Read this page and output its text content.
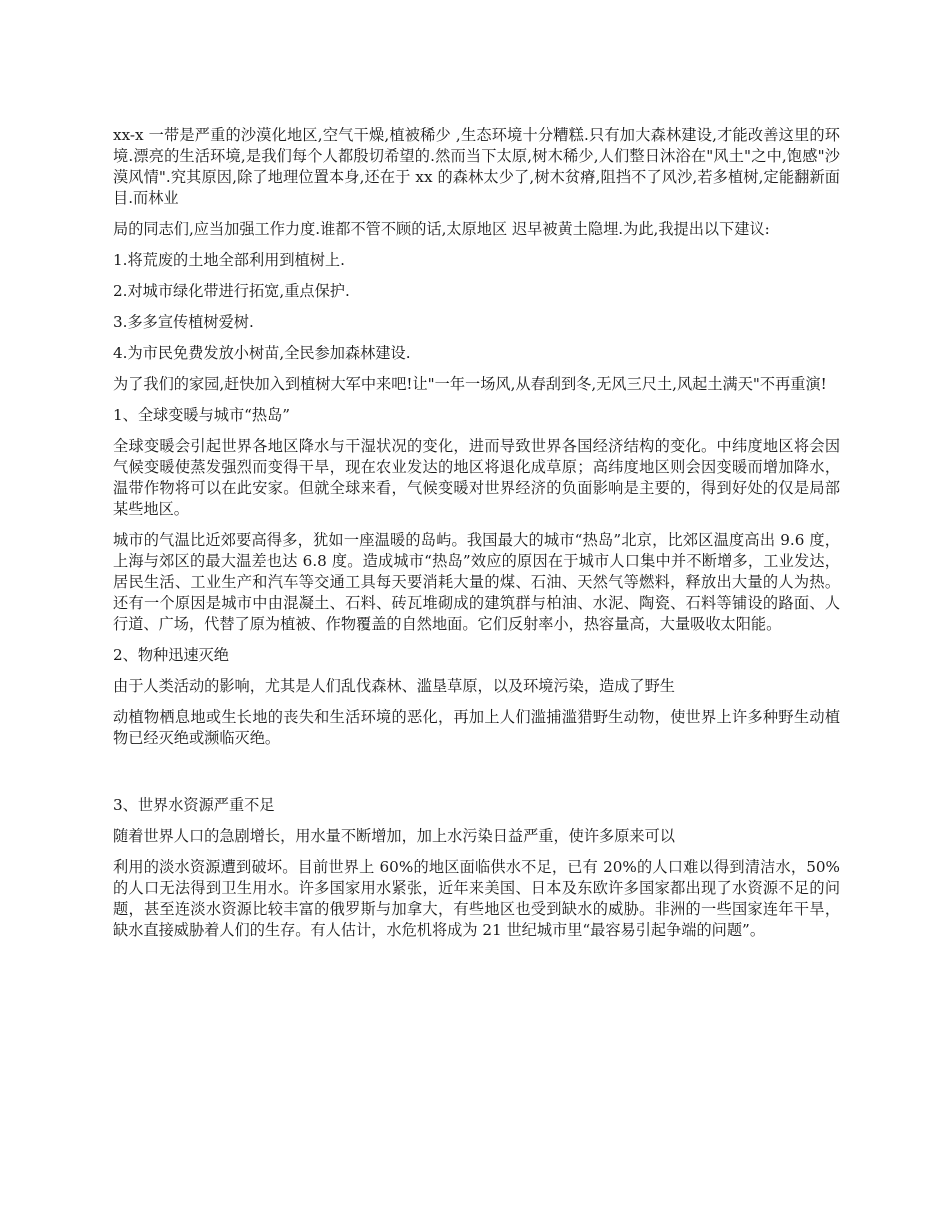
xx-x 一带是严重的沙漠化地区,空气干燥,植被稀少 ,生态环境十分糟糕.只有加大森林建设,才能改善这里的环境.漂亮的生活环境,是我们每个人都殷切希望的.然而当下太原,树木稀少,人们整日沐浴在"风土"之中,饱感"沙漠风情".究其原因,除了地理位置本身,还在于 xx 的森林太少了,树木贫瘠,阻挡不了风沙,若多植树,定能翻新面目.而林业

局的同志们,应当加强工作力度.谁都不管不顾的话,太原地区 迟早被黄土隐埋.为此,我提出以下建议:

1.将荒废的土地全部利用到植树上.

2.对城市绿化带进行拓宽,重点保护.

3.多多宣传植树爱树.

4.为市民免费发放小树苗,全民参加森林建设.

为了我们的家园,赶快加入到植树大军中来吧!让"一年一场风,从春刮到冬,无风三尺土,风起土满天"不再重演!

1、全球变暖与城市“热岛”

全球变暖会引起世界各地区降水与干湿状况的变化，进而导致世界各国经济结构的变化。中纬度地区将会因气候变暖使蒸发强烈而变得干旱，现在农业发达的地区将退化成草原；高纬度地区则会因变暖而增加降水，温带作物将可以在此安家。但就全球来看，气候变暖对世界经济的负面影响是主要的，得到好处的仅是局部某些地区。

城市的气温比近郊要高得多，犹如一座温暖的岛屿。我国最大的城市“热岛”北京，比郊区温度高出 9.6 度，上海与郊区的最大温差也达 6.8 度。造成城市“热岛”效应的原因在于城市人口集中并不断增多，工业发达，居民生活、工业生产和汽车等交通工具每天要消耗大量的煤、石油、天然气等燃料，释放出大量的人为热。还有一个原因是城市中由混凝土、石料、砖瓦堆砌成的建筑群与柏油、水泥、陶瓷、石料等铺设的路面、人行道、广场，代替了原为植被、作物覆盖的自然地面。它们反射率小，热容量高，大量吸收太阳能。

2、物种迅速灭绝

由于人类活动的影响，尤其是人们乱伐森林、滥垦草原，以及环境污染，造成了野生

动植物栖息地或生长地的丧失和生活环境的恶化，再加上人们滥捕滥猎野生动物，使世界上许多种野生动植物已经灭绝或濒临灭绝。

3、世界水资源严重不足

随着世界人口的急剧增长，用水量不断增加，加上水污染日益严重，使许多原来可以

利用的淡水资源遭到破坏。目前世界上 60%的地区面临供水不足，已有 20%的人口难以得到清洁水，50%的人口无法得到卫生用水。许多国家用水紧张，近年来美国、日本及东欧许多国家都出现了水资源不足的问题，甚至连淡水资源比较丰富的俄罗斯与加拿大，有些地区也受到缺水的威胁。非洲的一些国家连年干旱，缺水直接威胁着人们的生存。有人估计，水危机将成为 21 世纪城市里“最容易引起争端的问题”。
